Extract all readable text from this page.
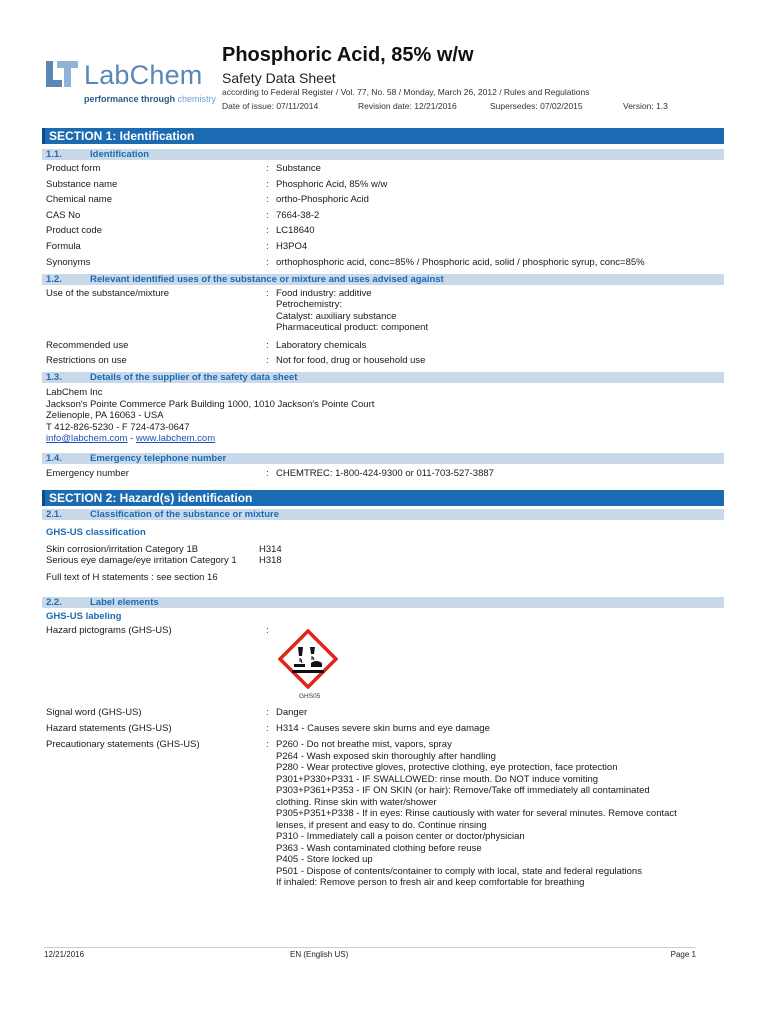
LabChem
performance through chemistry
Phosphoric Acid, 85% w/w
Safety Data Sheet
according to Federal Register / Vol. 77, No. 58 / Monday, March 26, 2012 / Rules and Regulations
Date of issue: 07/11/2014	Revision date: 12/21/2016	Supersedes: 07/02/2015	Version: 1.3
SECTION 1: Identification
1.1.	Identification
Product form	: Substance
Substance name	: Phosphoric Acid, 85% w/w
Chemical name	: ortho-Phosphoric Acid
CAS No	: 7664-38-2
Product code	: LC18640
Formula	: H3PO4
Synonyms	: orthophosphoric acid, conc=85% / Phosphoric acid, solid / phosphoric syrup, conc=85%
1.2.	Relevant identified uses of the substance or mixture and uses advised against
Use of the substance/mixture	: Food industry: additive
Petrochemistry:
Catalyst: auxiliary substance
Pharmaceutical product: component
Recommended use	: Laboratory chemicals
Restrictions on use	: Not for food, drug or household use
1.3.	Details of the supplier of the safety data sheet
LabChem Inc
Jackson's Pointe Commerce Park Building 1000, 1010 Jackson's Pointe Court
Zelienople, PA 16063 - USA
T 412-826-5230 - F 724-473-0647
info@labchem.com - www.labchem.com
1.4.	Emergency telephone number
Emergency number	: CHEMTREC: 1-800-424-9300 or 011-703-527-3887
SECTION 2: Hazard(s) identification
2.1.	Classification of the substance or mixture
GHS-US classification
Skin corrosion/irritation Category 1B	H314
Serious eye damage/eye irritation Category 1 H318
Full text of H statements : see section 16
2.2.	Label elements
GHS-US labeling
Hazard pictograms (GHS-US)	:
GHS05
Signal word (GHS-US)	: Danger
Hazard statements (GHS-US)	: H314 - Causes severe skin burns and eye damage
Precautionary statements (GHS-US)	: P260 - Do not breathe mist, vapors, spray
P264 - Wash exposed skin thoroughly after handling
P280 - Wear protective gloves, protective clothing, eye protection, face protection
P301+P330+P331 - IF SWALLOWED: rinse mouth. Do NOT induce vomiting
P303+P361+P353 - IF ON SKIN (or hair): Remove/Take off immediately all contaminated
clothing. Rinse skin with water/shower
P305+P351+P338 - If in eyes: Rinse cautiously with water for several minutes. Remove contact
lenses, if present and easy to do. Continue rinsing
P310 - Immediately call a poison center or doctor/physician
P363 - Wash contaminated clothing before reuse
P405 - Store locked up
P501 - Dispose of contents/container to comply with local, state and federal regulations
If inhaled: Remove person to fresh air and keep comfortable for breathing
12/21/2016	EN (English US)	Page 1
